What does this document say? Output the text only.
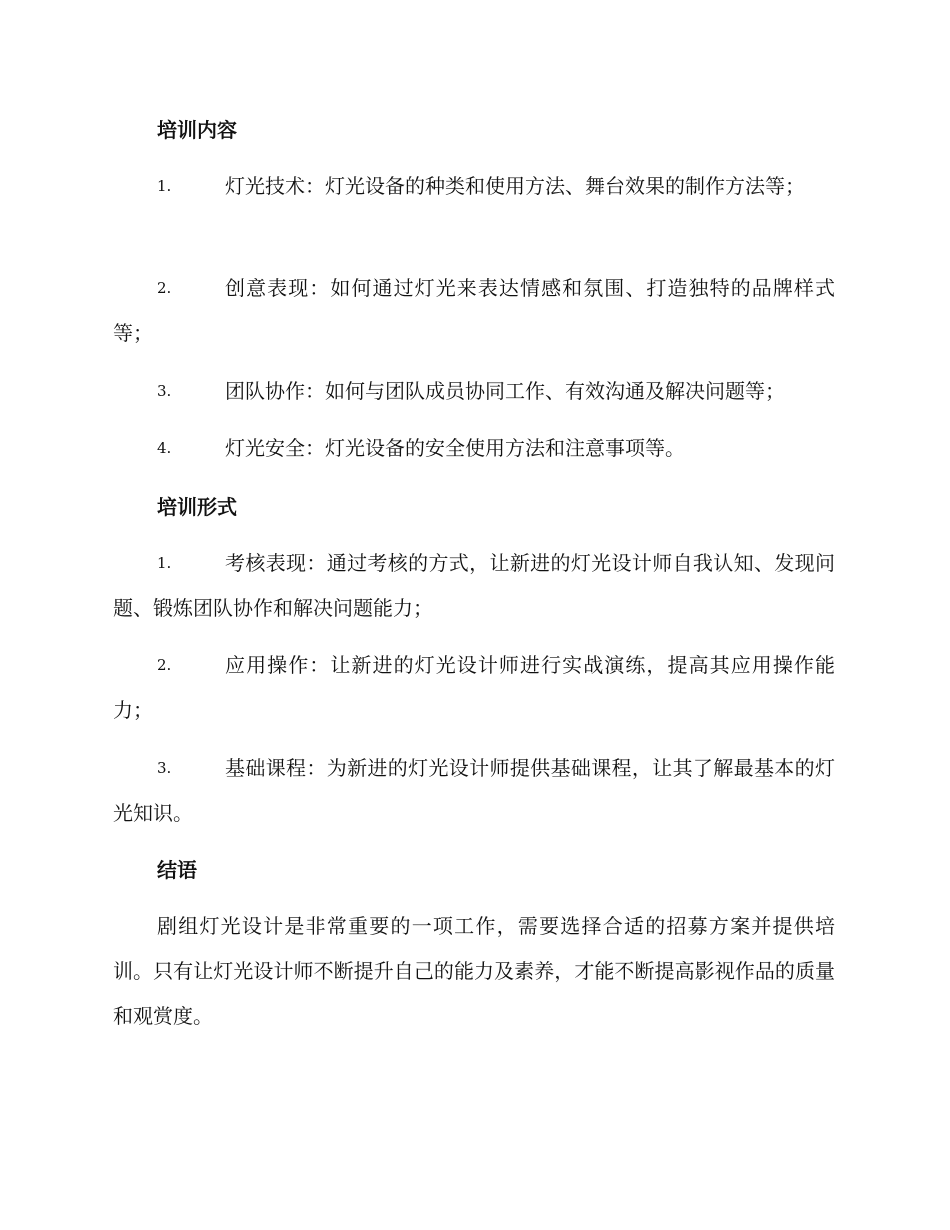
培训内容
1.	灯光技术：灯光设备的种类和使用方法、舞台效果的制作方法等；
2.	创意表现：如何通过灯光来表达情感和氛围、打造独特的品牌样式等；
3.	团队协作：如何与团队成员协同工作、有效沟通及解决问题等；
4.	灯光安全：灯光设备的安全使用方法和注意事项等。
培训形式
1.	考核表现：通过考核的方式，让新进的灯光设计师自我认知、发现问题、锻炼团队协作和解决问题能力；
2.	应用操作：让新进的灯光设计师进行实战演练，提高其应用操作能力；
3.	基础课程：为新进的灯光设计师提供基础课程，让其了解最基本的灯光知识。
结语

剧组灯光设计是非常重要的一项工作，需要选择合适的招募方案并提供培训。只有让灯光设计师不断提升自己的能力及素养，才能不断提高影视作品的质量和观赏度。
